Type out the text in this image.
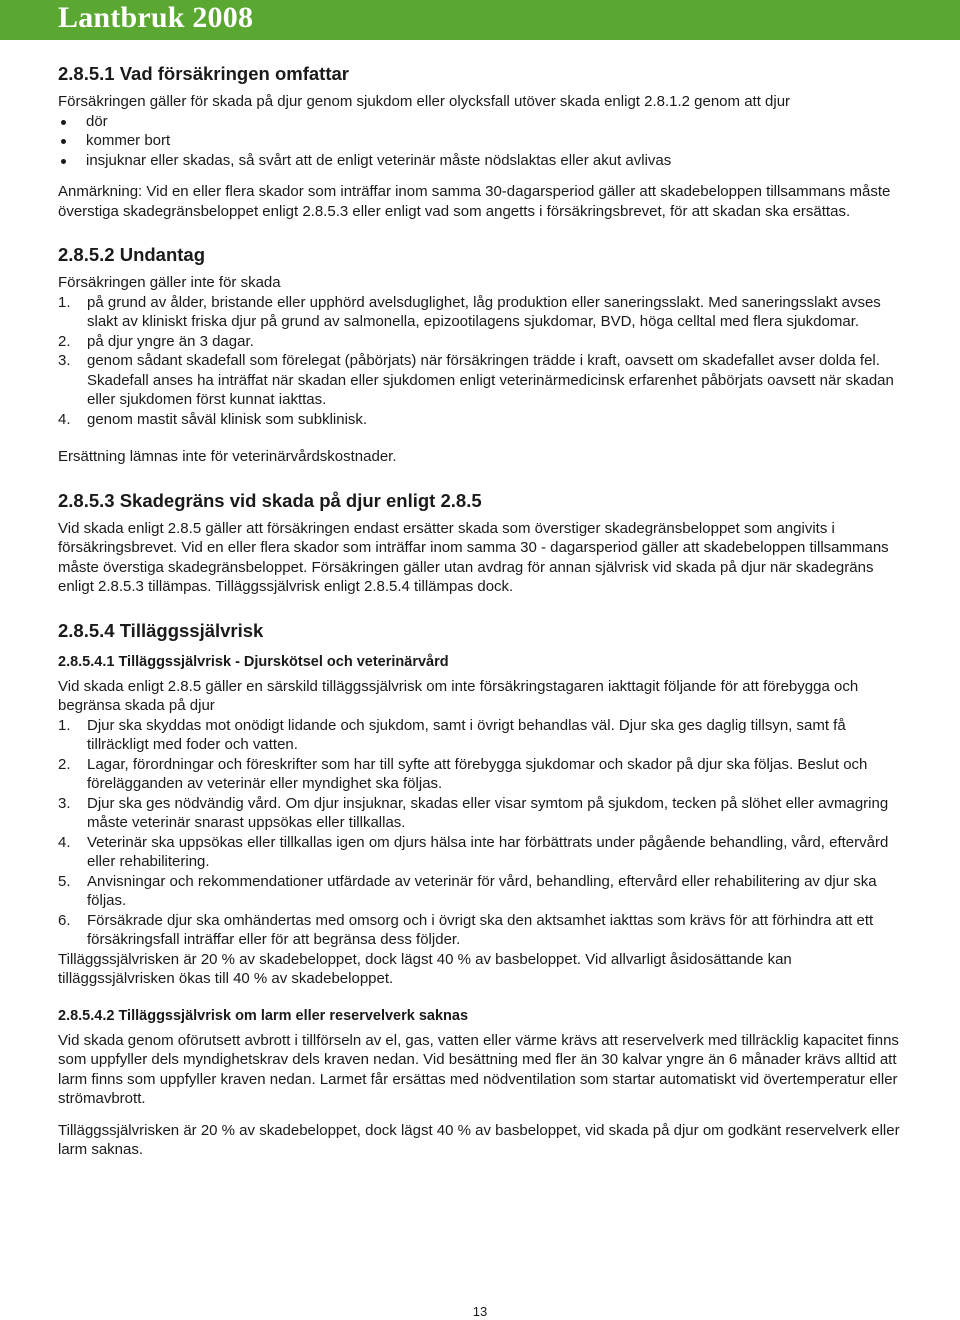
Lantbruk 2008
2.8.5.1 Vad försäkringen omfattar

Försäkringen gäller för skada på djur genom sjukdom eller olycksfall utöver skada enligt 2.8.1.2 genom att djur

dör
kommer bort
insjuknar eller skadas, så svårt att de enligt veterinär måste nödslaktas eller akut avlivas

Anmärkning: Vid en eller flera skador som inträffar inom samma 30-dagarsperiod gäller att skadebeloppen tillsammans måste överstiga skadegränsbeloppet enligt 2.8.5.3 eller enligt vad som angetts i försäkringsbrevet, för att skadan ska ersättas.

2.8.5.2 Undantag

Försäkringen gäller inte för skada

1. på grund av ålder, bristande eller upphörd avelsduglighet, låg produktion eller saneringsslakt. Med saneringsslakt avses slakt av kliniskt friska djur på grund av salmonella, epizootilagens sjukdomar, BVD, höga celltal med flera sjukdomar.
2. på djur yngre än 3 dagar.
3. genom sådant skadefall som förelegat (påbörjats) när försäkringen trädde i kraft, oavsett om skadefallet avser dolda fel. Skadefall anses ha inträffat när skadan eller sjukdomen enligt veterinärmedicinsk erfarenhet påbörjats oavsett när skadan eller sjukdomen först kunnat iakttas.
4. genom mastit såväl klinisk som subklinisk.

Ersättning lämnas inte för veterinärvårdskostnader.

2.8.5.3 Skadegräns vid skada på djur enligt 2.8.5

Vid skada enligt 2.8.5 gäller att försäkringen endast ersätter skada som överstiger skadegränsbeloppet som angivits i försäkringsbrevet. Vid en eller flera skador som inträffar inom samma 30 - dagarsperiod gäller att skadebeloppen tillsammans måste överstiga skadegränsbeloppet. Försäkringen gäller utan avdrag för annan självrisk vid skada på djur när skadegräns enligt 2.8.5.3 tillämpas. Tilläggssjälvrisk enligt 2.8.5.4 tillämpas dock.

2.8.5.4 Tilläggssjälvrisk
2.8.5.4.1 Tilläggssjälvrisk - Djurskötsel och veterinärvård

Vid skada enligt 2.8.5 gäller en särskild tilläggssjälvrisk om inte försäkringstagaren iakttagit följande för att förebygga och begränsa skada på djur

1. Djur ska skyddas mot onödigt lidande och sjukdom, samt i övrigt behandlas väl. Djur ska ges daglig tillsyn, samt få tillräckligt med foder och vatten.
2. Lagar, förordningar och föreskrifter som har till syfte att förebygga sjukdomar och skador på djur ska följas. Beslut och förelägganden av veterinär eller myndighet ska följas.
3. Djur ska ges nödvändig vård. Om djur insjuknar, skadas eller visar symtom på sjukdom, tecken på slöhet eller avmagring måste veterinär snarast uppsökas eller tillkallas.
4. Veterinär ska uppsökas eller tillkallas igen om djurs hälsa inte har förbättrats under pågående behandling, vård, eftervård eller rehabilitering.
5. Anvisningar och rekommendationer utfärdade av veterinär för vård, behandling, eftervård eller rehabilitering av djur ska följas.
6. Försäkrade djur ska omhändertas med omsorg och i övrigt ska den aktsamhet iakttas som krävs för att förhindra att ett försäkringsfall inträffar eller för att begränsa dess följder.

Tilläggssjälvrisken är 20 % av skadebeloppet, dock lägst 40 % av basbeloppet. Vid allvarligt åsidosättande kan tilläggssjälvrisken ökas till 40 % av skadebeloppet.

2.8.5.4.2 Tilläggssjälvrisk om larm eller reservelverk saknas

Vid skada genom oförutsett avbrott i tillförseln av el, gas, vatten eller värme krävs att reservelverk med tillräcklig kapacitet finns som uppfyller dels myndighetskrav dels kraven nedan. Vid besättning med fler än 30 kalvar yngre än 6 månader krävs alltid att larm finns som uppfyller kraven nedan. Larmet får ersättas med nödventilation som startar automatiskt vid övertemperatur eller strömavbrott.

Tilläggssjälvrisken är 20 % av skadebeloppet, dock lägst 40 % av basbeloppet, vid skada på djur om godkänt reservelverk eller larm saknas.

13
